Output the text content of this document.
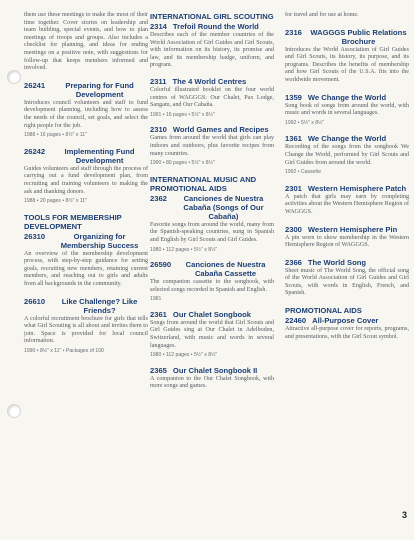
them use these meetings to make the most of their time together. Cover stories on leadership and team building, special events, and how to plan meetings of troops and groups. Also includes a checklist for planning, and ideas for ending meetings on a positive note, with suggestions for follow-up that keeps members informed and involved.

26241	Preparing for Fund Development

Introduces council volunteers and staff to fund development planning, including how to assess the needs of the council, set goals, and select the right people for the job.

1988 • 16 pages • 8½" x 11"

26242	Implementing Fund Development

Guides volunteers and staff through the process of carrying out a fund development plan, from recruiting and training volunteers to making the ask and thanking donors.

1988 • 20 pages • 8½" x 11"

TOOLS FOR MEMBERSHIP DEVELOPMENT
26310	Organizing for Membership Success

An overview of the membership development process, with step-by-step guidance for setting goals, recruiting new members, retaining current members, and reaching out to girls and adults from all backgrounds in the community.

26610	Like Challenge? Like Friends?

A colorful recruitment brochure for girls that tells what Girl Scouting is all about and invites them to join. Space is provided for local council information.

1990 • 8½" x 11" • Packages of 100

INTERNATIONAL GIRL SCOUTING
2314 Trefoil Round the World

Describes each of the member countries of the World Association of Girl Guides and Girl Scouts, with information on its history, its promise and law, and its membership badge, uniform, and program.

2311 The 4 World Centres

Colorful illustrated booklet on the four world centres of WAGGGS: Our Chalet, Pax Lodge, Sangam, and Our Cabaña.

1991 • 16 pages • 5½" x 8½"

2310 World Games and Recipes

Games from around the world that girls can play indoors and outdoors, plus favorite recipes from many countries.

1990 • 80 pages • 5½" x 8½"

INTERNATIONAL MUSIC AND PROMOTIONAL AIDS
2362	Canciones de Nuestra Cabaña (Songs of Our Cabaña)

Favorite songs from around the world, many from the Spanish-speaking countries, sung in Spanish and English by Girl Scouts and Girl Guides.

1980 • 112 pages • 5½" x 8½"

26590	Canciones de Nuestra Cabaña Cassette

The companion cassette to the songbook, with selected songs recorded in Spanish and English.

1981

2361 Our Chalet Songbook

Songs from around the world that Girl Scouts and Girl Guides sing at Our Chalet in Adelboden, Switzerland, with music and words in several languages.

1980 • 112 pages • 5½" x 8½"

2365 Our Chalet Songbook II

A companion to the Our Chalet Songbook, with more songs and games.

for travel and for use at home.

2316	WAGGGS Public Relations Brochure

Introduces the World Association of Girl Guides and Girl Scouts, its history, its purpose, and its programs. Describes the benefits of membership and how Girl Scouts of the U.S.A. fits into the worldwide movement.

1359 We Change the World

Song book of songs from around the world, with music and words in several languages.

1992 • 5½" x 8½"

1361 We Change the World

Recording of the songs from the songbook We Change the World, performed by Girl Scouts and Girl Guides from around the world.

1992 • Cassette

2301 Western Hemisphere Patch

A patch that girls may earn by completing activities about the Western Hemisphere Region of WAGGGS.

2300 Western Hemisphere Pin

A pin worn to show membership in the Western Hemisphere Region of WAGGGS.

2366 The World Song

Sheet music of The World Song, the official song of the World Association of Girl Guides and Girl Scouts, with words in English, French, and Spanish.

PROMOTIONAL AIDS
22460 All-Purpose Cover

Attractive all-purpose cover for reports, programs, and presentations, with the Girl Scout symbol.

3
